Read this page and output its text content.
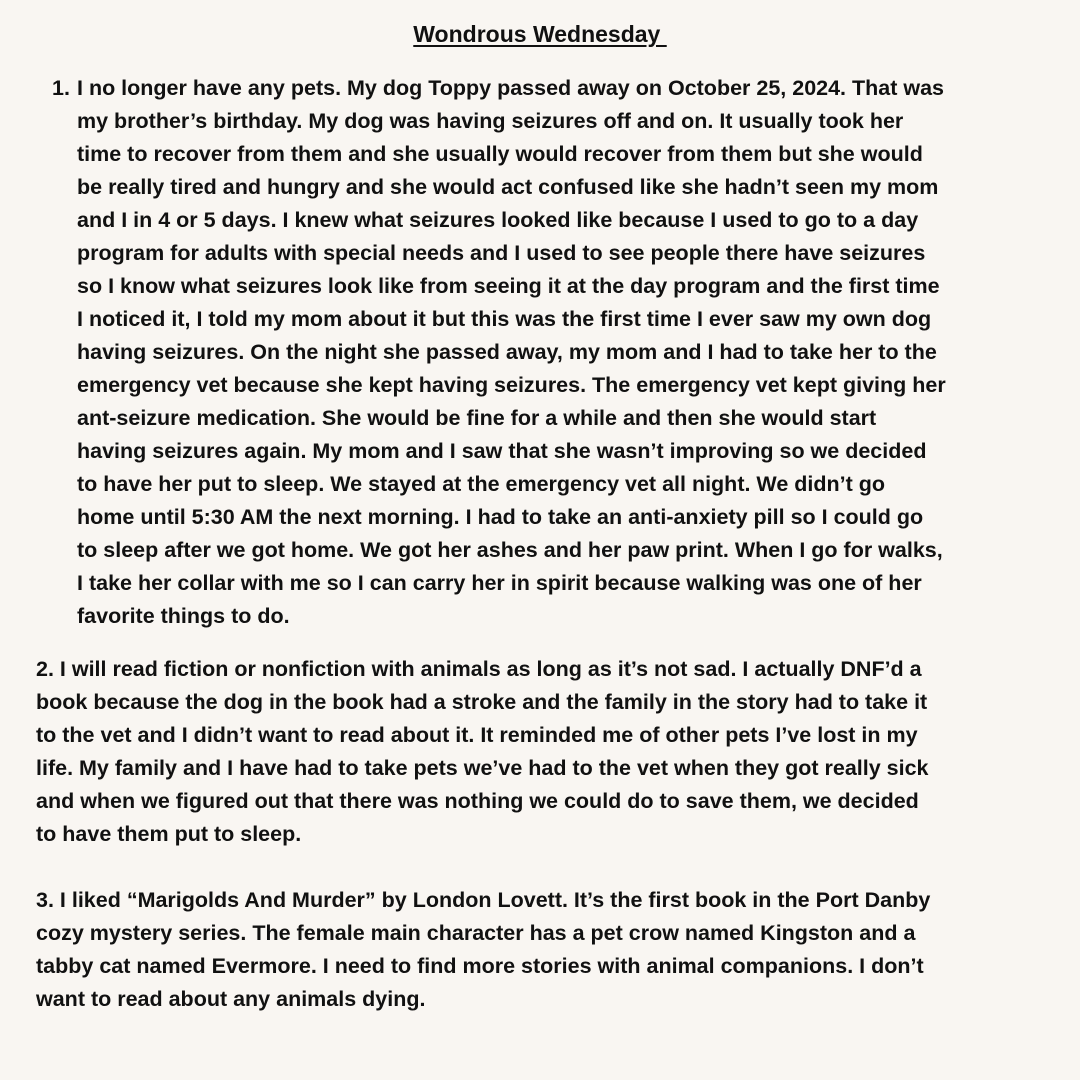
Wondrous Wednesday
1. I no longer have any pets. My dog Toppy passed away on October 25, 2024. That was
my brother’s birthday. My dog was having seizures off and on. It usually took her
time to recover from them and she usually would recover from them but she would
be really tired and hungry and she would act confused like she hadn’t seen my mom
and I in 4 or 5 days. I knew what seizures looked like because I used to go to a day
program for adults with special needs and I used to see people there have seizures
so I know what seizures look like from seeing it at the day program and the first time
I noticed it, I told my mom about it but this was the first time I ever saw my own dog
having seizures. On the night she passed away, my mom and I had to take her to the
emergency vet because she kept having seizures. The emergency vet kept giving her
ant-seizure medication. She would be fine for a while and then she would start
having seizures again. My mom and I saw that she wasn’t improving so we decided
to have her put to sleep. We stayed at the emergency vet all night. We didn’t go
home until 5:30 AM the next morning. I had to take an anti-anxiety pill so I could go
to sleep after we got home. We got her ashes and her paw print. When I go for walks,
I take her collar with me so I can carry her in spirit because walking was one of her
favorite things to do.
2. I will read fiction or nonfiction with animals as long as it’s not sad. I actually DNF’d a
book because the dog in the book had a stroke and the family in the story had to take it
to the vet and I didn’t want to read about it. It reminded me of other pets I’ve lost in my
life. My family and I have had to take pets we’ve had to the vet when they got really sick
and when we figured out that there was nothing we could do to save them, we decided
to have them put to sleep.
3. I liked “Marigolds And Murder” by London Lovett. It’s the first book in the Port Danby
cozy mystery series. The female main character has a pet crow named Kingston and a
tabby cat named Evermore. I need to find more stories with animal companions. I don’t
want to read about any animals dying.
